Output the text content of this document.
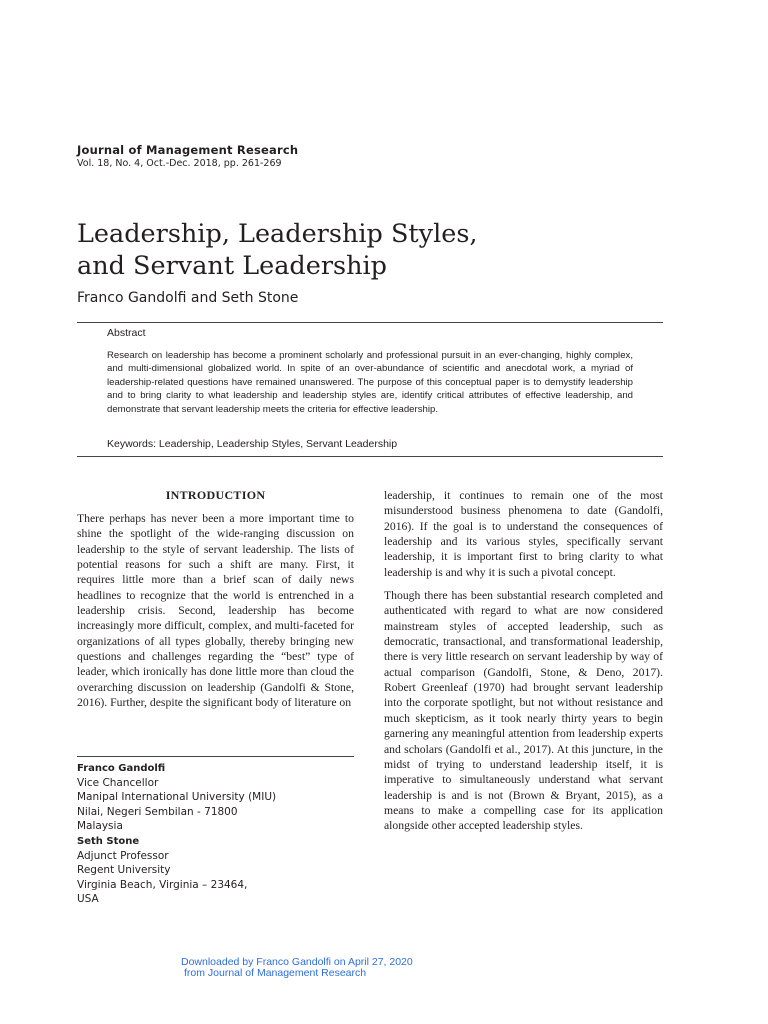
Journal of Management Research
Vol. 18, No. 4, Oct.-Dec. 2018, pp. 261-269
Leadership, Leadership Styles,
and Servant Leadership
Franco Gandolfi and Seth Stone
Abstract

Research on leadership has become a prominent scholarly and professional pursuit in an ever-changing, highly complex, and multi-dimensional globalized world. In spite of an over-abundance of scientific and anecdotal work, a myriad of leadership-related questions have remained unanswered. The purpose of this conceptual paper is to demystify leadership and to bring clarity to what leadership and leadership styles are, identify critical attributes of effective leadership, and demonstrate that servant leadership meets the criteria for effective leadership.

Keywords: Leadership, Leadership Styles, Servant Leadership
INTRODUCTION

There perhaps has never been a more important time to shine the spotlight of the wide-ranging discussion on leadership to the style of servant leadership. The lists of potential reasons for such a shift are many. First, it requires little more than a brief scan of daily news headlines to recognize that the world is entrenched in a leadership crisis. Second, leadership has become increasingly more difficult, complex, and multi-faceted for organizations of all types globally, thereby bringing new questions and challenges regarding the “best” type of leader, which ironically has done little more than cloud the overarching discussion on leadership (Gandolfi & Stone, 2016). Further, despite the significant body of literature on

leadership, it continues to remain one of the most misunderstood business phenomena to date (Gandolfi, 2016). If the goal is to understand the consequences of leadership and its various styles, specifically servant leadership, it is important first to bring clarity to what leadership is and why it is such a pivotal concept.

Though there has been substantial research completed and authenticated with regard to what are now considered mainstream styles of accepted leadership, such as democratic, transactional, and transformational leadership, there is very little research on servant leadership by way of actual comparison (Gandolfi, Stone, & Deno, 2017). Robert Greenleaf (1970) had brought servant leadership into the corporate spotlight, but not without resistance and much skepticism, as it took nearly thirty years to begin garnering any meaningful attention from leadership experts and scholars (Gandolfi et al., 2017). At this juncture, in the midst of trying to understand leadership itself, it is imperative to simultaneously understand what servant leadership is and is not (Brown & Bryant, 2015), as a means to make a compelling case for its application alongside other accepted leadership styles.

Franco Gandolfi
Vice Chancellor
Manipal International University (MIU)
Nilai, Negeri Sembilan - 71800
Malaysia
Seth Stone
Adjunct Professor
Regent University
Virginia Beach, Virginia – 23464,
USA
Downloaded by Franco Gandolfi on April 27, 2020
from Journal of Management Research
